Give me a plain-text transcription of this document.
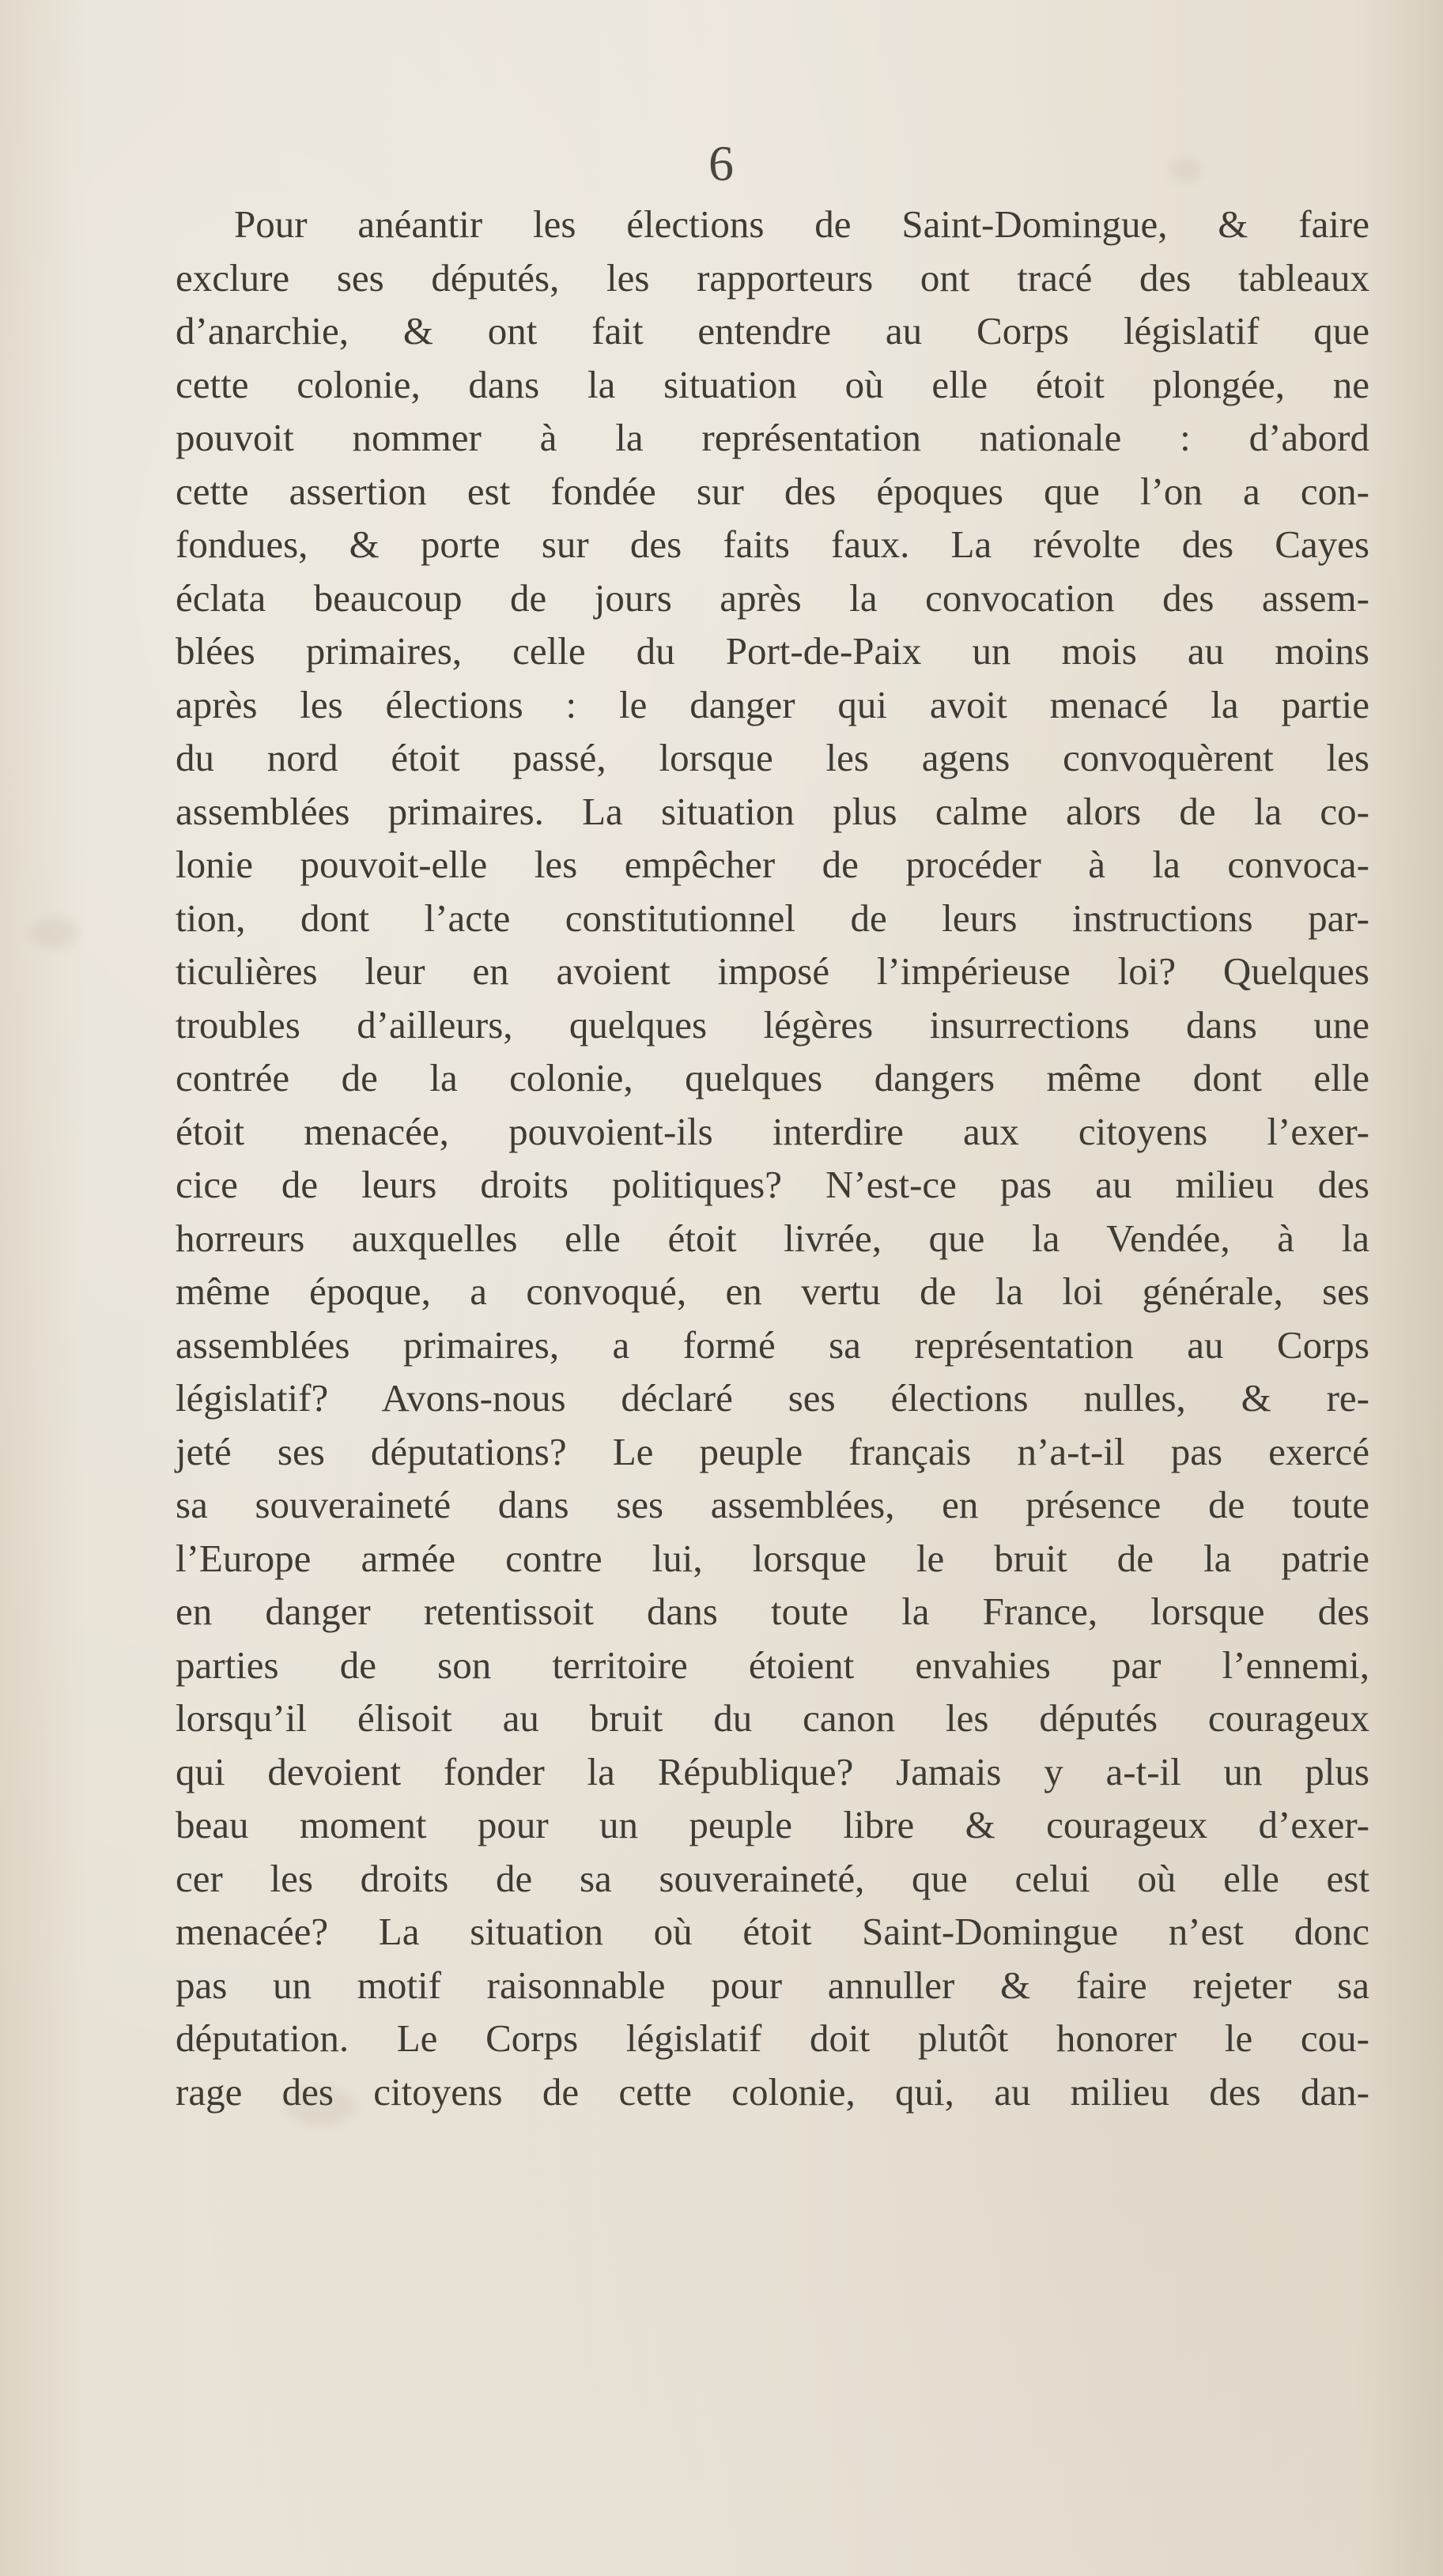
6
Pour anéantir les élections de Saint-Domingue, & faire
exclure ses députés, les rapporteurs ont tracé des tableaux
d’anarchie, & ont fait entendre au Corps législatif que
cette colonie, dans la situation où elle étoit plongée, ne
pouvoit nommer à la représentation nationale : d’abord
cette assertion est fondée sur des époques que l’on a con-
fondues, & porte sur des faits faux. La révolte des Cayes
éclata beaucoup de jours après la convocation des assem-
blées primaires, celle du Port-de-Paix un mois au moins
après les élections : le danger qui avoit menacé la partie
du nord étoit passé, lorsque les agens convoquèrent les
assemblées primaires. La situation plus calme alors de la co-
lonie pouvoit-elle les empêcher de procéder à la convoca-
tion, dont l’acte constitutionnel de leurs instructions par-
ticulières leur en avoient imposé l’impérieuse loi? Quelques
troubles d’ailleurs, quelques légères insurrections dans une
contrée de la colonie, quelques dangers même dont elle
étoit menacée, pouvoient-ils interdire aux citoyens l’exer-
cice de leurs droits politiques? N’est-ce pas au milieu des
horreurs auxquelles elle étoit livrée, que la Vendée, à la
même époque, a convoqué, en vertu de la loi générale, ses
assemblées primaires, a formé sa représentation au Corps
législatif? Avons-nous déclaré ses élections nulles, & re-
jeté ses députations? Le peuple français n’a-t-il pas exercé
sa souveraineté dans ses assemblées, en présence de toute
l’Europe armée contre lui, lorsque le bruit de la patrie
en danger retentissoit dans toute la France, lorsque des
parties de son territoire étoient envahies par l’ennemi,
lorsqu’il élisoit au bruit du canon les députés courageux
qui devoient fonder la République? Jamais y a-t-il un plus
beau moment pour un peuple libre & courageux d’exer-
cer les droits de sa souveraineté, que celui où elle est
menacée? La situation où étoit Saint-Domingue n’est donc
pas un motif raisonnable pour annuller & faire rejeter sa
députation. Le Corps législatif doit plutôt honorer le cou-
rage des citoyens de cette colonie, qui, au milieu des dan-
